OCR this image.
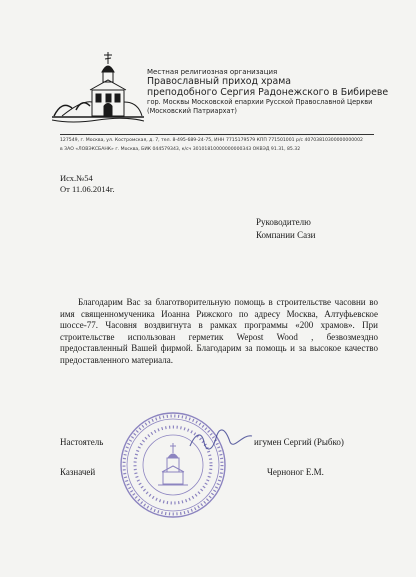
Местная религиозная организация
Православный приход храма
преподобного Сергия Радонежского в Бибиреве
гор. Москвы Московской епархии Русской Православной Церкви
(Московский Патриархат)
127549, г. Москва, ул. Костромская, д. 7, тел. 8-495-689-24-75, ИНН 7715179579 КПП 771501001 р/с 40703810300000000002
в ЗАО «ЛОВЭКСБАНК» г. Москва, БИК 044579343, к/сч 30101810000000000343 ОКВЭД 91.31, 85.32
Исх.№54
От 11.06.2014г.
Руководителю
Компании Сази
Благодарим Вас за благотворительную помощь в строительстве часовни во имя священномученика Иоанна Рижского по адресу Москва, Алтуфьевское шоссе-77. Часовня воздвигнута в рамках программы «200 храмов». При строительстве использован герметик Wepost Wood , безвозмездно предоставленный Вашей фирмой. Благодарим за помощь и за высокое качество предоставленного материала.
Настоятель	игумен Сергий (Рыбко)
Казначей	Черноног Е.М.
